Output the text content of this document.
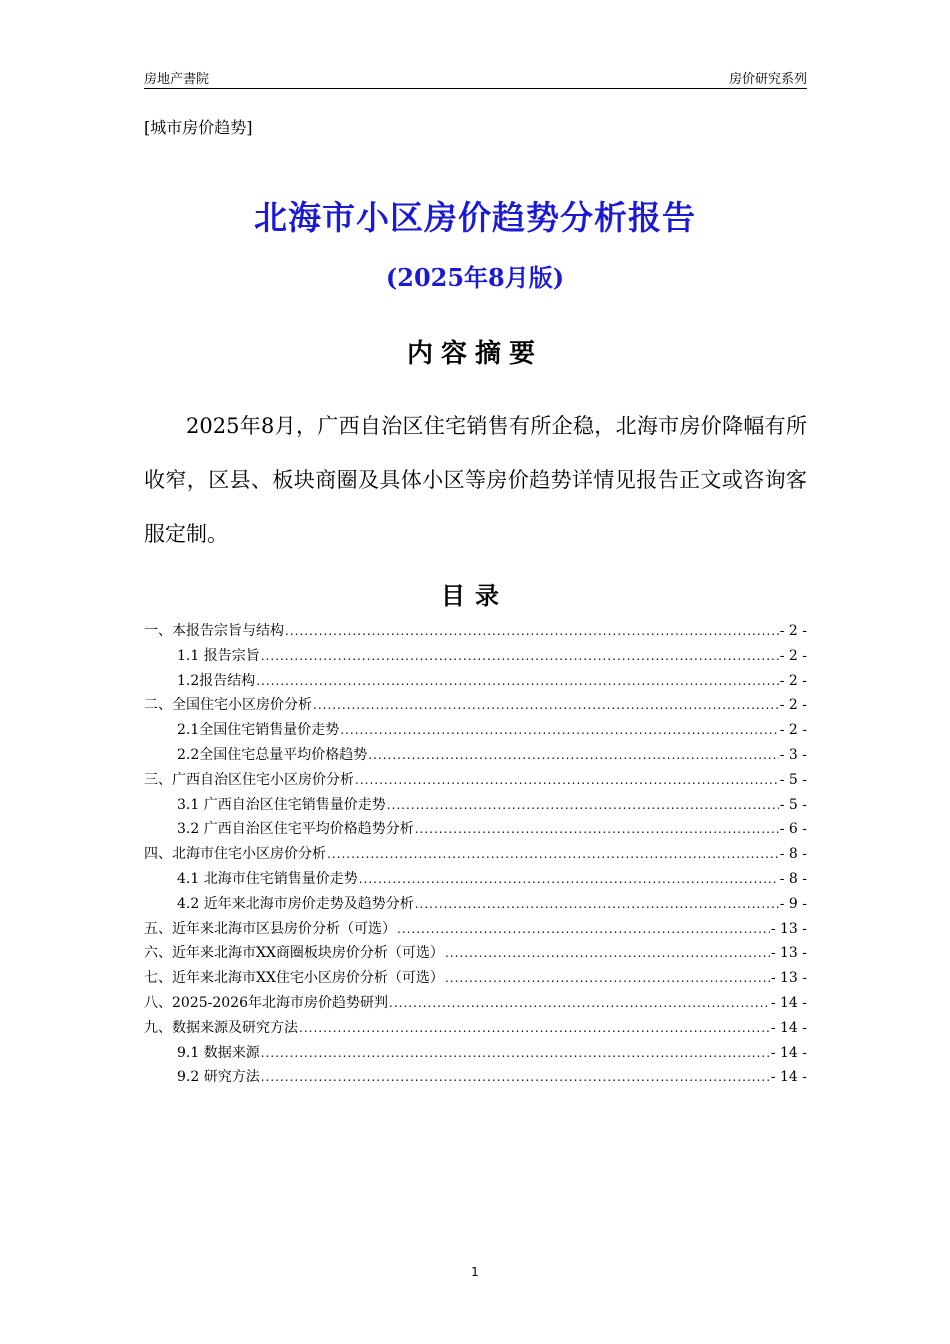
房地产書院	房价研究系列
[城市房价趋势]
北海市小区房价趋势分析报告
(2025年8月版)
内容摘要

2025年8月，广西自治区住宅销售有所企稳，北海市房价降幅有所收窄，区县、板块商圈及具体小区等房价趋势详情见报告正文或咨询客服定制。

目录
一、本报告宗旨与结构 .....	- 2 -
1.1 报告宗旨 .....	- 2 -
1.2报告结构 .....	- 2 -
二、全国住宅小区房价分析 .....	- 2 -
2.1全国住宅销售量价走势 .....	- 2 -
2.2全国住宅总量平均价格趋势 .....	- 3 -
三、广西自治区住宅小区房价分析 .....	- 5 -
3.1 广西自治区住宅销售量价走势 .....	- 5 -
3.2 广西自治区住宅平均价格趋势分析 .....	- 6 -
四、北海市住宅小区房价分析 .....	- 8 -
4.1 北海市住宅销售量价走势 .....	- 8 -
4.2 近年来北海市房价走势及趋势分析 .....	- 9 -
五、近年来北海市区县房价分析（可选） .....	- 13 -
六、近年来北海市XX商圈板块房价分析（可选） .....	- 13 -
七、近年来北海市XX住宅小区房价分析（可选） .....	- 13 -
八、2025-2026年北海市房价趋势研判 .....	- 14 -
九、数据来源及研究方法 .....	- 14 -
9.1 数据来源 .....	- 14 -
9.2 研究方法 .....	- 14 -
1
